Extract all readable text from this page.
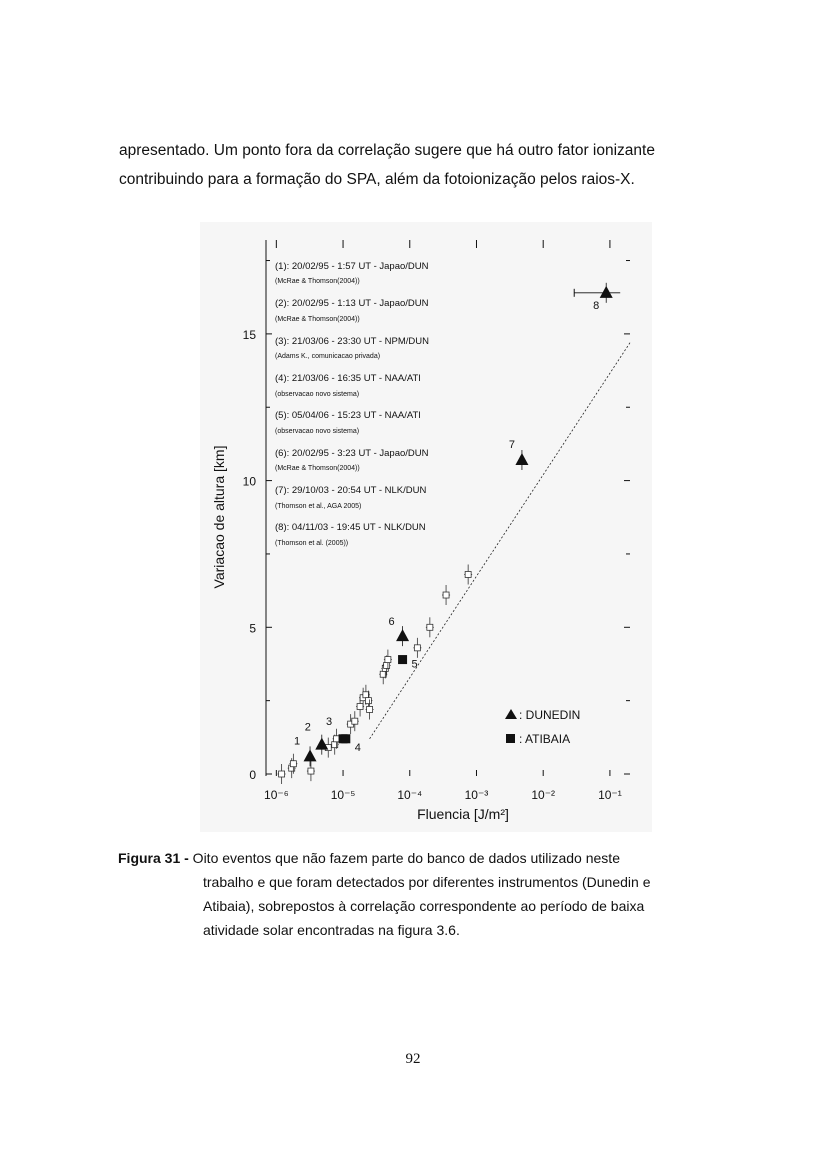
apresentado. Um ponto fora da correlação sugere que há outro fator ionizante
contribuindo para a formação do SPA, além da fotoionização pelos raios-X.

0
5
10
15
10⁻⁶	10⁻⁵	10⁻⁴	10⁻³	10⁻²	10⁻¹
Fluencia [J/m²]
Variacao de altura [km]
(1): 20/02/95 - 1:57 UT - Japao/DUN
(McRae & Thomson(2004))
(2): 20/02/95 - 1:13 UT - Japao/DUN
(McRae & Thomson(2004))
(3): 21/03/06 - 23:30 UT - NPM/DUN
(Adams K., comunicacao privada)
(4): 21/03/06 - 16:35 UT - NAA/ATI
(observacao novo sistema)
(5): 05/04/06 - 15:23 UT - NAA/ATI
(observacao novo sistema)
(6): 20/02/95 - 3:23 UT - Japao/DUN
(McRae & Thomson(2004))
(7): 29/10/03 - 20:54 UT - NLK/DUN
(Thomson et al., AGA 2005)
(8): 04/11/03 - 19:45 UT - NLK/DUN
(Thomson et al. (2005))
: DUNEDIN
: ATIBAIA
1
2
6
7
8
3
4
5
Figura 31 - Oito eventos que não fazem parte do banco de dados utilizado neste
trabalho e que foram detectados por diferentes instrumentos (Dunedin e
Atibaia), sobrepostos à correlação correspondente ao período de baixa
atividade solar encontradas na figura 3.6.
92
